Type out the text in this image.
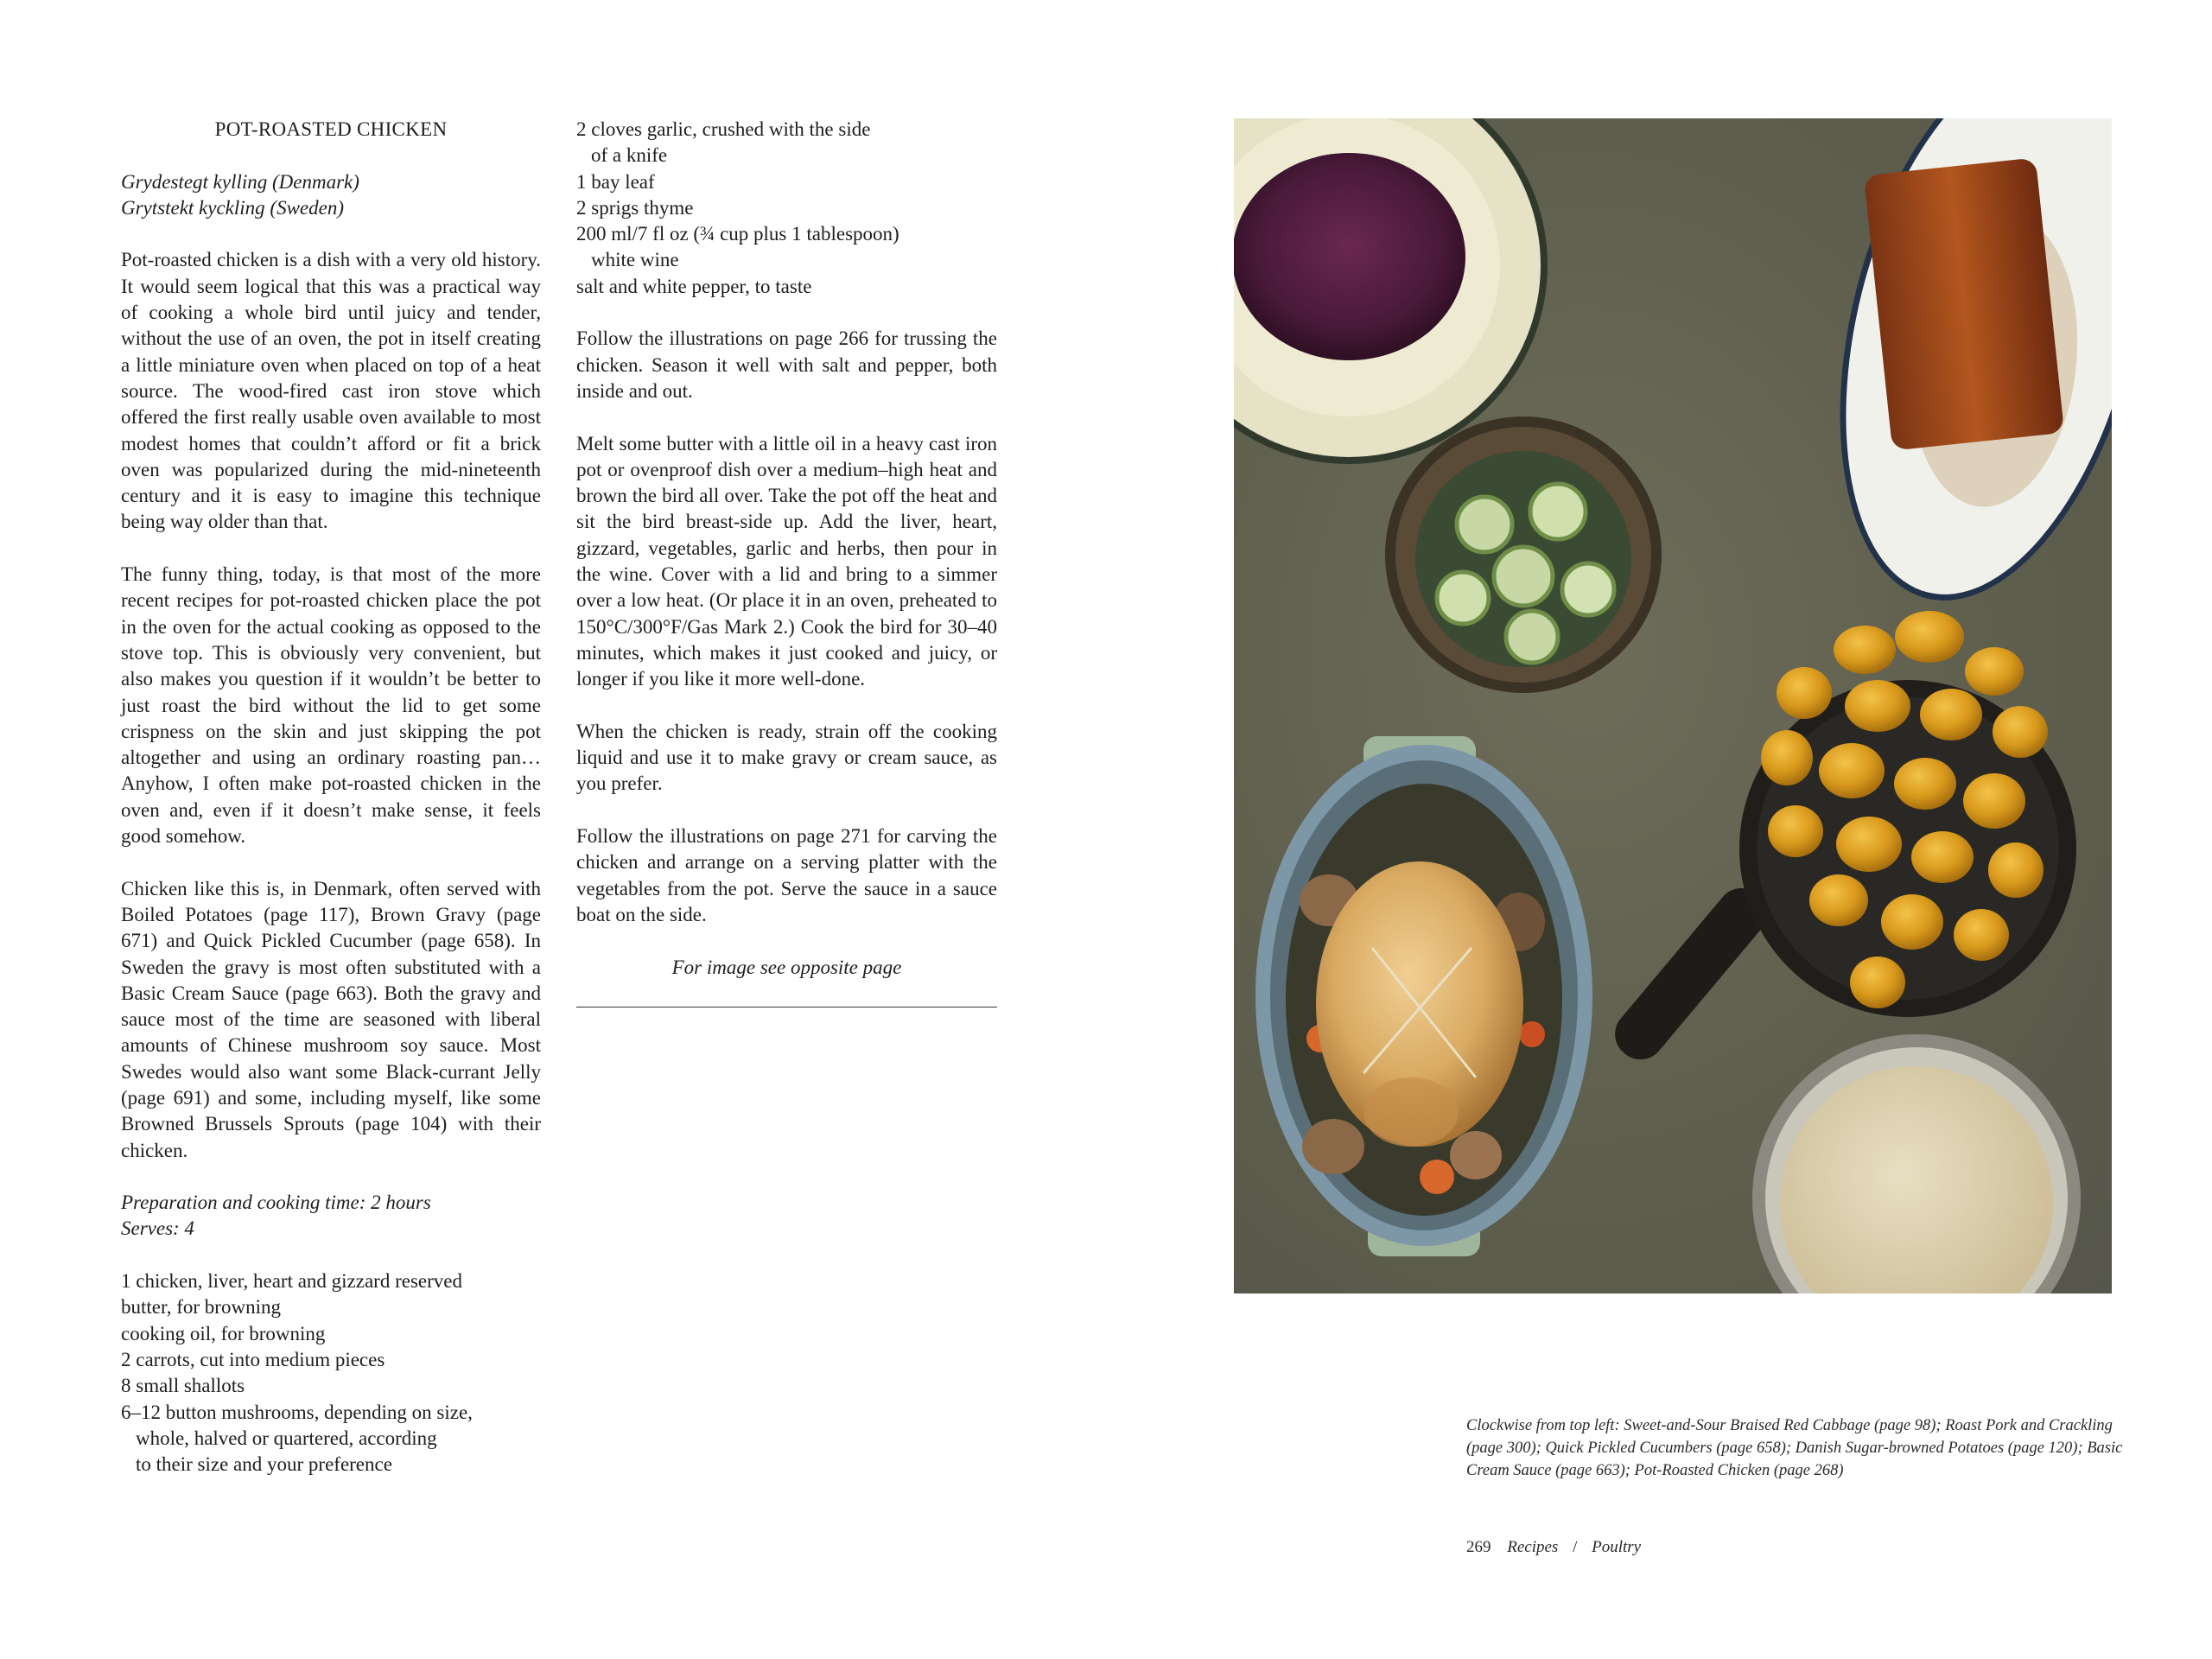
POT-ROASTED CHICKEN

Grydestegt kylling (Denmark)
Grytstekt kyckling (Sweden)

Pot-roasted chicken is a dish with a very old history. It would seem logical that this was a practical way of cooking a whole bird until juicy and tender, without the use of an oven, the pot in itself creating a little miniature oven when placed on top of a heat source. The wood-fired cast iron stove which offered the first really usable oven available to most modest homes that couldn’t afford or fit a brick oven was popularized during the mid-nineteenth century and it is easy to imagine this technique being way older than that.

The funny thing, today, is that most of the more recent recipes for pot-roasted chicken place the pot in the oven for the actual cooking as opposed to the stove top. This is obviously very convenient, but also makes you question if it wouldn’t be better to just roast the bird without the lid to get some crispness on the skin and just skipping the pot altogether and using an ordinary roasting pan… Anyhow, I often make pot-roasted chicken in the oven and, even if it doesn’t make sense, it feels good somehow.

Chicken like this is, in Denmark, often served with Boiled Potatoes (page 117), Brown Gravy (page 671) and Quick Pickled Cucumber (page 658). In Sweden the gravy is most often substituted with a Basic Cream Sauce (page 663). Both the gravy and sauce most of the time are seasoned with liberal amounts of Chinese mushroom soy sauce. Most Swedes would also want some Black-currant Jelly (page 691) and some, including myself, like some Browned Brussels Sprouts (page 104) with their chicken.

Preparation and cooking time: 2 hours
Serves: 4

1 chicken, liver, heart and gizzard reserved
butter, for browning
cooking oil, for browning
2 carrots, cut into medium pieces
8 small shallots
6–12 button mushrooms, depending on size,
whole, halved or quartered, according
to their size and your preference

2 cloves garlic, crushed with the side
of a knife
1 bay leaf
2 sprigs thyme
200 ml/7 fl oz (¾ cup plus 1 tablespoon)
white wine
salt and white pepper, to taste

Follow the illustrations on page 266 for trussing the chicken. Season it well with salt and pepper, both inside and out.

Melt some butter with a little oil in a heavy cast iron pot or ovenproof dish over a medium–high heat and brown the bird all over. Take the pot off the heat and sit the bird breast-side up. Add the liver, heart, gizzard, vegetables, garlic and herbs, then pour in the wine. Cover with a lid and bring to a simmer over a low heat. (Or place it in an oven, preheated to 150°C/300°F/Gas Mark 2.) Cook the bird for 30–40 minutes, which makes it just cooked and juicy, or longer if you like it more well-done.

When the chicken is ready, strain off the cooking liquid and use it to make gravy or cream sauce, as you prefer.

Follow the illustrations on page 271 for carving the chicken and arrange on a serving platter with the vegetables from the pot. Serve the sauce in a sauce boat on the side.

For image see opposite page

Clockwise from top left: Sweet-and-Sour Braised Red Cabbage (page 98); Roast Pork and Crackling (page 300); Quick Pickled Cucumbers (page 658); Danish Sugar-browned Potatoes (page 120); Basic Cream Sauce (page 663); Pot-Roasted Chicken (page 268)
269 Recipes / Poultry
